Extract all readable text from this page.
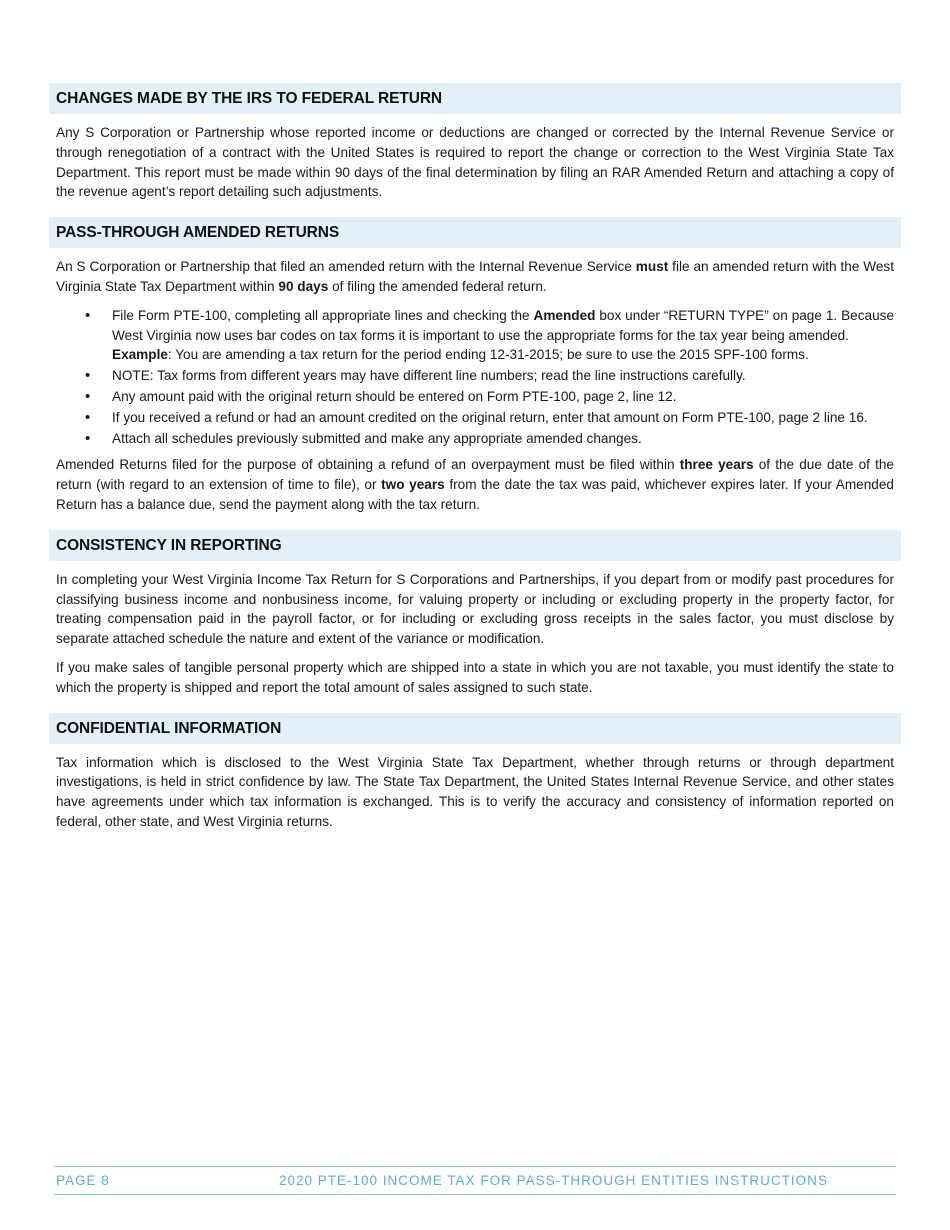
CHANGES MADE BY THE IRS TO FEDERAL RETURN

Any S Corporation or Partnership whose reported income or deductions are changed or corrected by the Internal Revenue Service or through renegotiation of a contract with the United States is required to report the change or correction to the West Virginia State Tax Department. This report must be made within 90 days of the final determination by filing an RAR Amended Return and attaching a copy of the revenue agent’s report detailing such adjustments.

PASS-THROUGH AMENDED RETURNS

An S Corporation or Partnership that filed an amended return with the Internal Revenue Service must file an amended return with the West Virginia State Tax Department within 90 days of filing the amended federal return.

• File Form PTE-100, completing all appropriate lines and checking the Amended box under “RETURN TYPE” on page 1. Because West Virginia now uses bar codes on tax forms it is important to use the appropriate forms for the tax year being amended.
Example: You are amending a tax return for the period ending 12-31-2015; be sure to use the 2015 SPF-100 forms.
• NOTE: Tax forms from different years may have different line numbers; read the line instructions carefully.
• Any amount paid with the original return should be entered on Form PTE-100, page 2, line 12.
• If you received a refund or had an amount credited on the original return, enter that amount on Form PTE-100, page 2 line 16.
• Attach all schedules previously submitted and make any appropriate amended changes.

Amended Returns filed for the purpose of obtaining a refund of an overpayment must be filed within three years of the due date of the return (with regard to an extension of time to file), or two years from the date the tax was paid, whichever expires later. If your Amended Return has a balance due, send the payment along with the tax return.

CONSISTENCY IN REPORTING

In completing your West Virginia Income Tax Return for S Corporations and Partnerships, if you depart from or modify past procedures for classifying business income and nonbusiness income, for valuing property or including or excluding property in the property factor, for treating compensation paid in the payroll factor, or for including or excluding gross receipts in the sales factor, you must disclose by separate attached schedule the nature and extent of the variance or modification.

If you make sales of tangible personal property which are shipped into a state in which you are not taxable, you must identify the state to which the property is shipped and report the total amount of sales assigned to such state.

CONFIDENTIAL INFORMATION

Tax information which is disclosed to the West Virginia State Tax Department, whether through returns or through department investigations, is held in strict confidence by law. The State Tax Department, the United States Internal Revenue Service, and other states have agreements under which tax information is exchanged. This is to verify the accuracy and consistency of information reported on federal, other state, and West Virginia returns.

PAGE 8	2020 PTE-100 INCOME TAX FOR PASS-THROUGH ENTITIES INSTRUCTIONS
